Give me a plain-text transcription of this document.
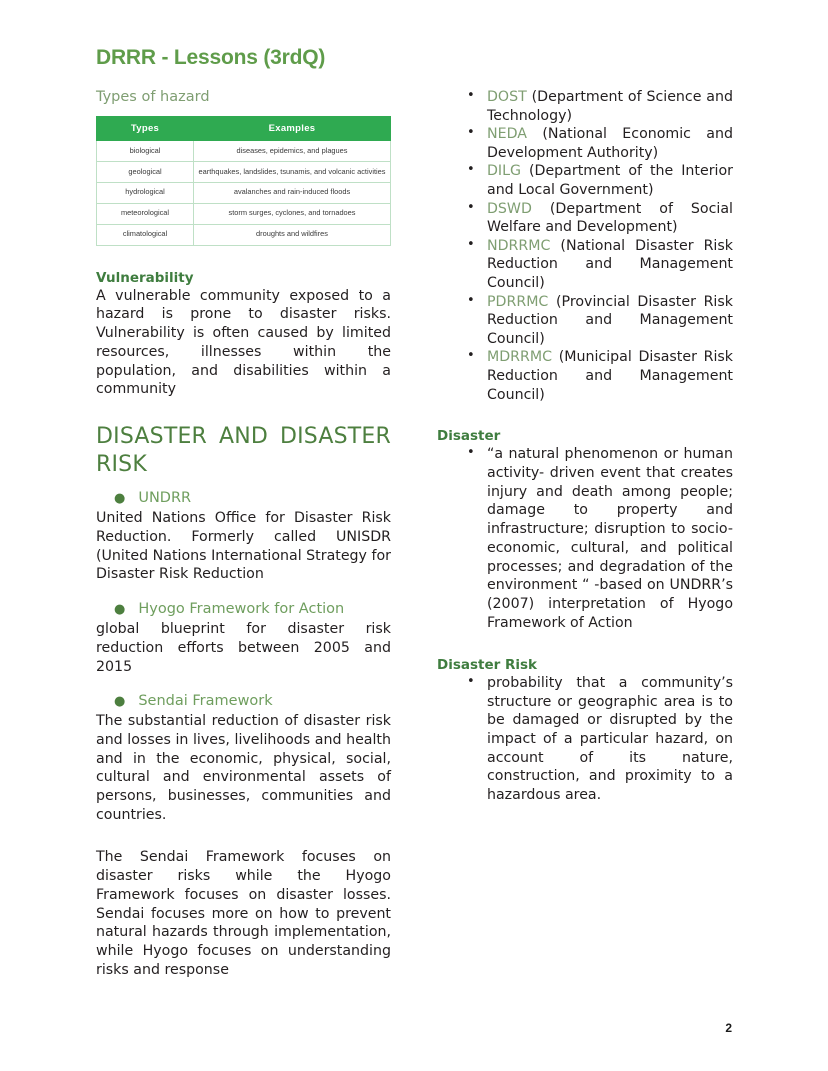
DRRR - Lessons (3rdQ)
Types of hazard
Types	Examples
biological	diseases, epidemics, and plagues
geological	earthquakes, landslides, tsunamis, and volcanic activities
hydrological	avalanches and rain-induced floods
meteorological	storm surges, cyclones, and tornadoes
climatological	droughts and wildfires
Vulnerability

A vulnerable community exposed to a hazard is prone to disaster risks. Vulnerability is often caused by limited resources, illnesses within the population, and disabilities within a community

DISASTER AND DISASTER RISK
● UNDRR

United Nations Office for Disaster Risk Reduction. Formerly called UNISDR (United Nations International Strategy for Disaster Risk Reduction

● Hyogo Framework for Action

global blueprint for disaster risk reduction efforts between 2005 and 2015

● Sendai Framework

The substantial reduction of disaster risk and losses in lives, livelihoods and health and in the economic, physical, social, cultural and environmental assets of persons, businesses, communities and countries.

The Sendai Framework focuses on disaster risks while the Hyogo Framework focuses on disaster losses. Sendai focuses more on how to prevent natural hazards through implementation, while Hyogo focuses on understanding risks and response

• DOST (Department of Science and Technology)
• NEDA (National Economic and Development Authority)
• DILG (Department of the Interior and Local Government)
• DSWD (Department of Social Welfare and Development)
• NDRRMC (National Disaster Risk Reduction and Management Council)
• PDRRMC (Provincial Disaster Risk Reduction and Management Council)
• MDRRMC (Municipal Disaster Risk Reduction and Management Council)
Disaster
• “a natural phenomenon or human activity- driven event that creates injury and death among people; damage to property and infrastructure; disruption to socio-economic, cultural, and political processes; and degradation of the environment “ -based on UNDRR’s (2007) interpretation of Hyogo Framework of Action
Disaster Risk
• probability that a community’s structure or geographic area is to be damaged or disrupted by the impact of a particular hazard, on account of its nature, construction, and proximity to a hazardous area.
2
